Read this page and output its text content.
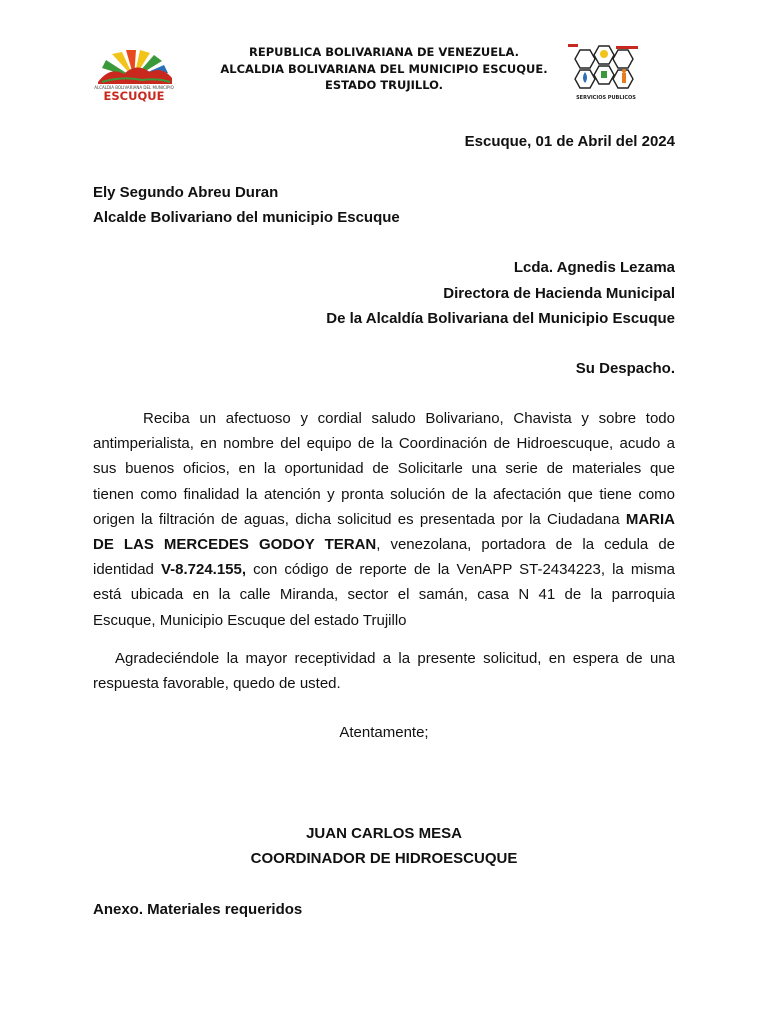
ALCALDIA BOLIVARIANA DEL MUNICIPIO
ESCUQUE
REPUBLICA BOLIVARIANA DE VENEZUELA.
ALCALDIA BOLIVARIANA DEL MUNICIPIO ESCUQUE.
ESTADO TRUJILLO.
SERVICIOS PUBLICOS
Escuque, 01 de Abril del 2024
Ely Segundo Abreu Duran
Alcalde Bolivariano del municipio Escuque
Lcda. Agnedis Lezama
Directora de Hacienda Municipal
De la Alcaldía Bolivariana del Municipio Escuque
Su Despacho.
Reciba un afectuoso y cordial saludo Bolivariano, Chavista y sobre todo
antimperialista, en nombre del equipo de la Coordinación de Hidroescuque, acudo a
sus buenos oficios, en la oportunidad de Solicitarle una serie de materiales que
tienen como finalidad la atención y pronta solución de la afectación que tiene como
origen la filtración de aguas, dicha solicitud es presentada por la Ciudadana MARIA
DE LAS MERCEDES GODOY TERAN, venezolana, portadora de la cedula de
identidad V-8.724.155, con código de reporte de la VenAPP ST-2434223, la misma
está ubicada en la calle Miranda, sector el samán, casa N 41 de la parroquia
Escuque, Municipio Escuque del estado Trujillo
Agradeciéndole la mayor receptividad a la presente solicitud, en espera de una
respuesta favorable, quedo de usted.
Atentamente;
JUAN CARLOS MESA
COORDINADOR DE HIDROESCUQUE
Anexo. Materiales requeridos
